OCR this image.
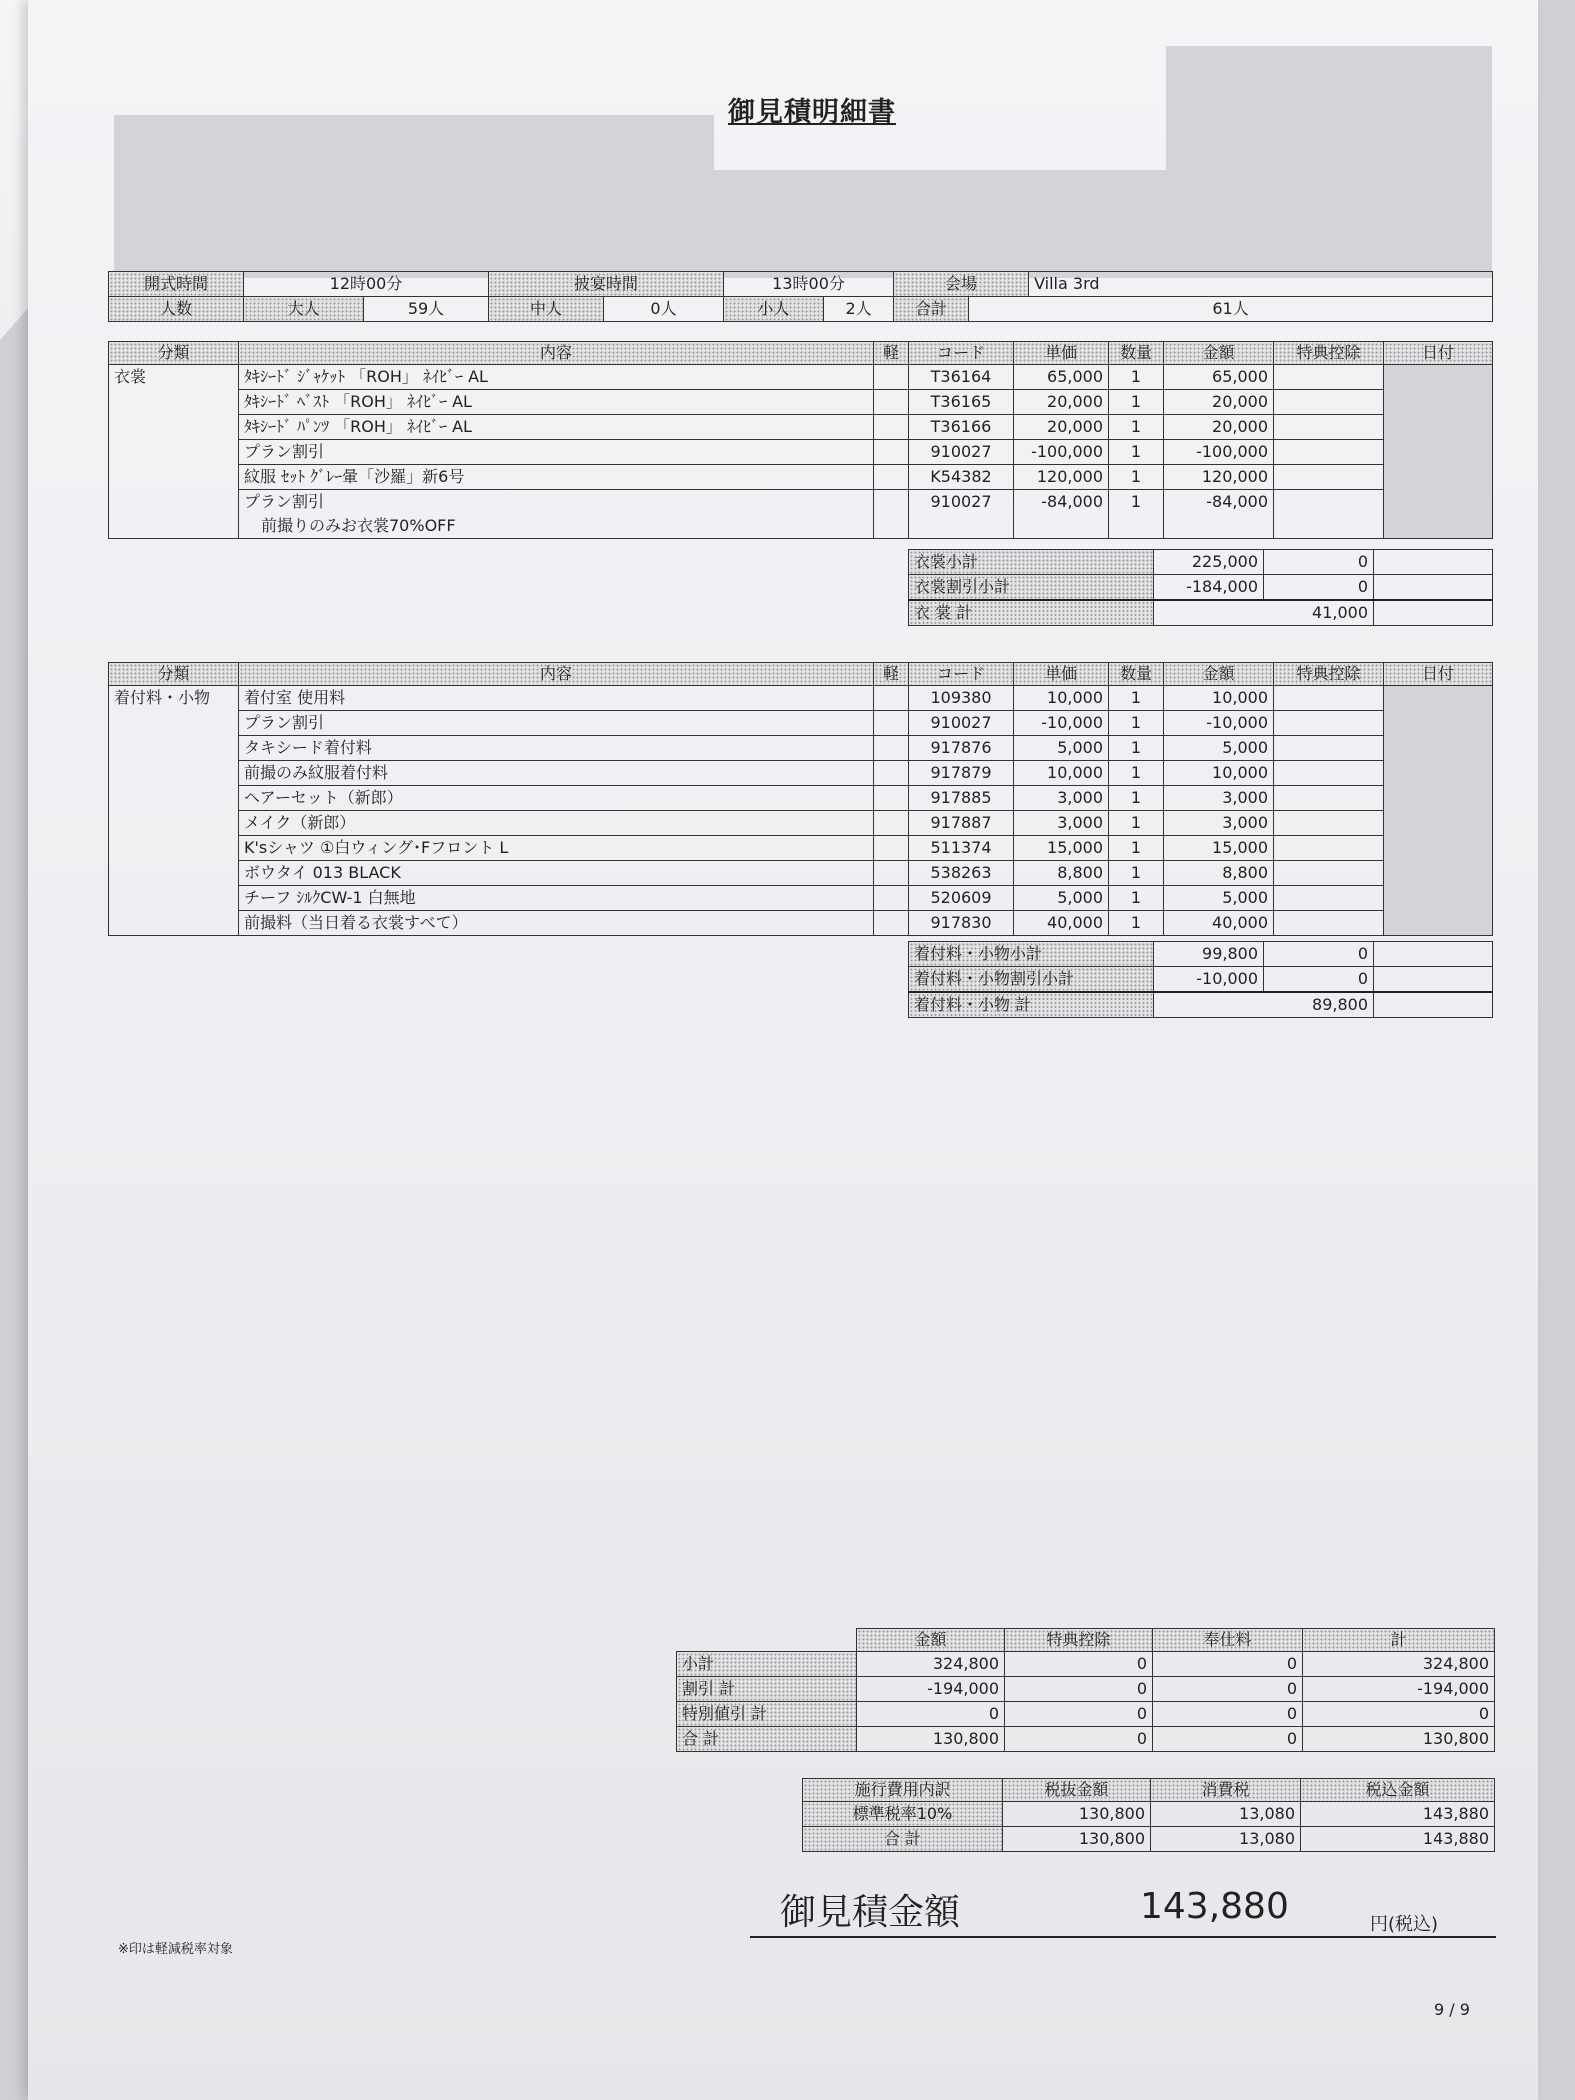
御見積明細書
開式時間	12時00分		披宴時間		13時00分		会場		Villa 3rd
人数	大人	59人	中人	0人	小人	2人	合計	61人	
分類	内容	軽	コード	単価	数量	金額	特典控除	日付
衣裳	ﾀｷｼｰﾄﾞ ｼﾞｬｹｯﾄ 「ROH」 ﾈｲﾋﾞｰ AL		T36164	65,000	1	65,000		
	ﾀｷｼｰﾄﾞ ﾍﾞｽﾄ 「ROH」 ﾈｲﾋﾞｰ AL		T36165	20,000	1	20,000		
	ﾀｷｼｰﾄﾞ ﾊﾟﾝﾂ 「ROH」 ﾈｲﾋﾞｰ AL		T36166	20,000	1	20,000		
	プラン割引		910027	-100,000	1	-100,000		
	紋服 ｾｯﾄ ｸﾞﾚｰ暈「沙羅」新6号		K54382	120,000	1	120,000		
	プラン割引		910027	-84,000	1	-84,000		
	前撮りのみお衣裳70%OFF							
衣裳小計	225,000	0	
衣裳割引小計	-184,000	0	
衣 裳 計	41,000		
分類	内容	軽	コード	単価	数量	金額	特典控除	日付
着付料・小物	着付室 使用料		109380	10,000	1	10,000		
	プラン割引		910027	-10,000	1	-10,000		
	タキシード着付料		917876	5,000	1	5,000		
	前撮のみ紋服着付料		917879	10,000	1	10,000		
	ヘアーセット（新郎）		917885	3,000	1	3,000		
	メイク（新郎）		917887	3,000	1	3,000		
	K'sシャツ ①白ウィング･Fフロント L		511374	15,000	1	15,000		
	ボウタイ 013 BLACK		538263	8,800	1	8,800		
	チーフ ｼﾙｸCW-1 白無地		520609	5,000	1	5,000		
	前撮料（当日着る衣裳すべて）		917830	40,000	1	40,000		
着付料・小物小計	99,800	0	
着付料・小物割引小計	-10,000	0	
着付料・小物 計	89,800		
	金額	特典控除	奉仕料	計
小計	324,800	0	0	324,800
割引 計	-194,000	0	0	-194,000
特別値引 計	0	0	0	0
合 計	130,800	0	0	130,800
施行費用内訳	税抜金額	消費税	税込金額
標準税率10%	130,800	13,080	143,880
合 計	130,800	13,080	143,880
御見積金額	143,880	円(税込)
※印は軽減税率対象
9 / 9
